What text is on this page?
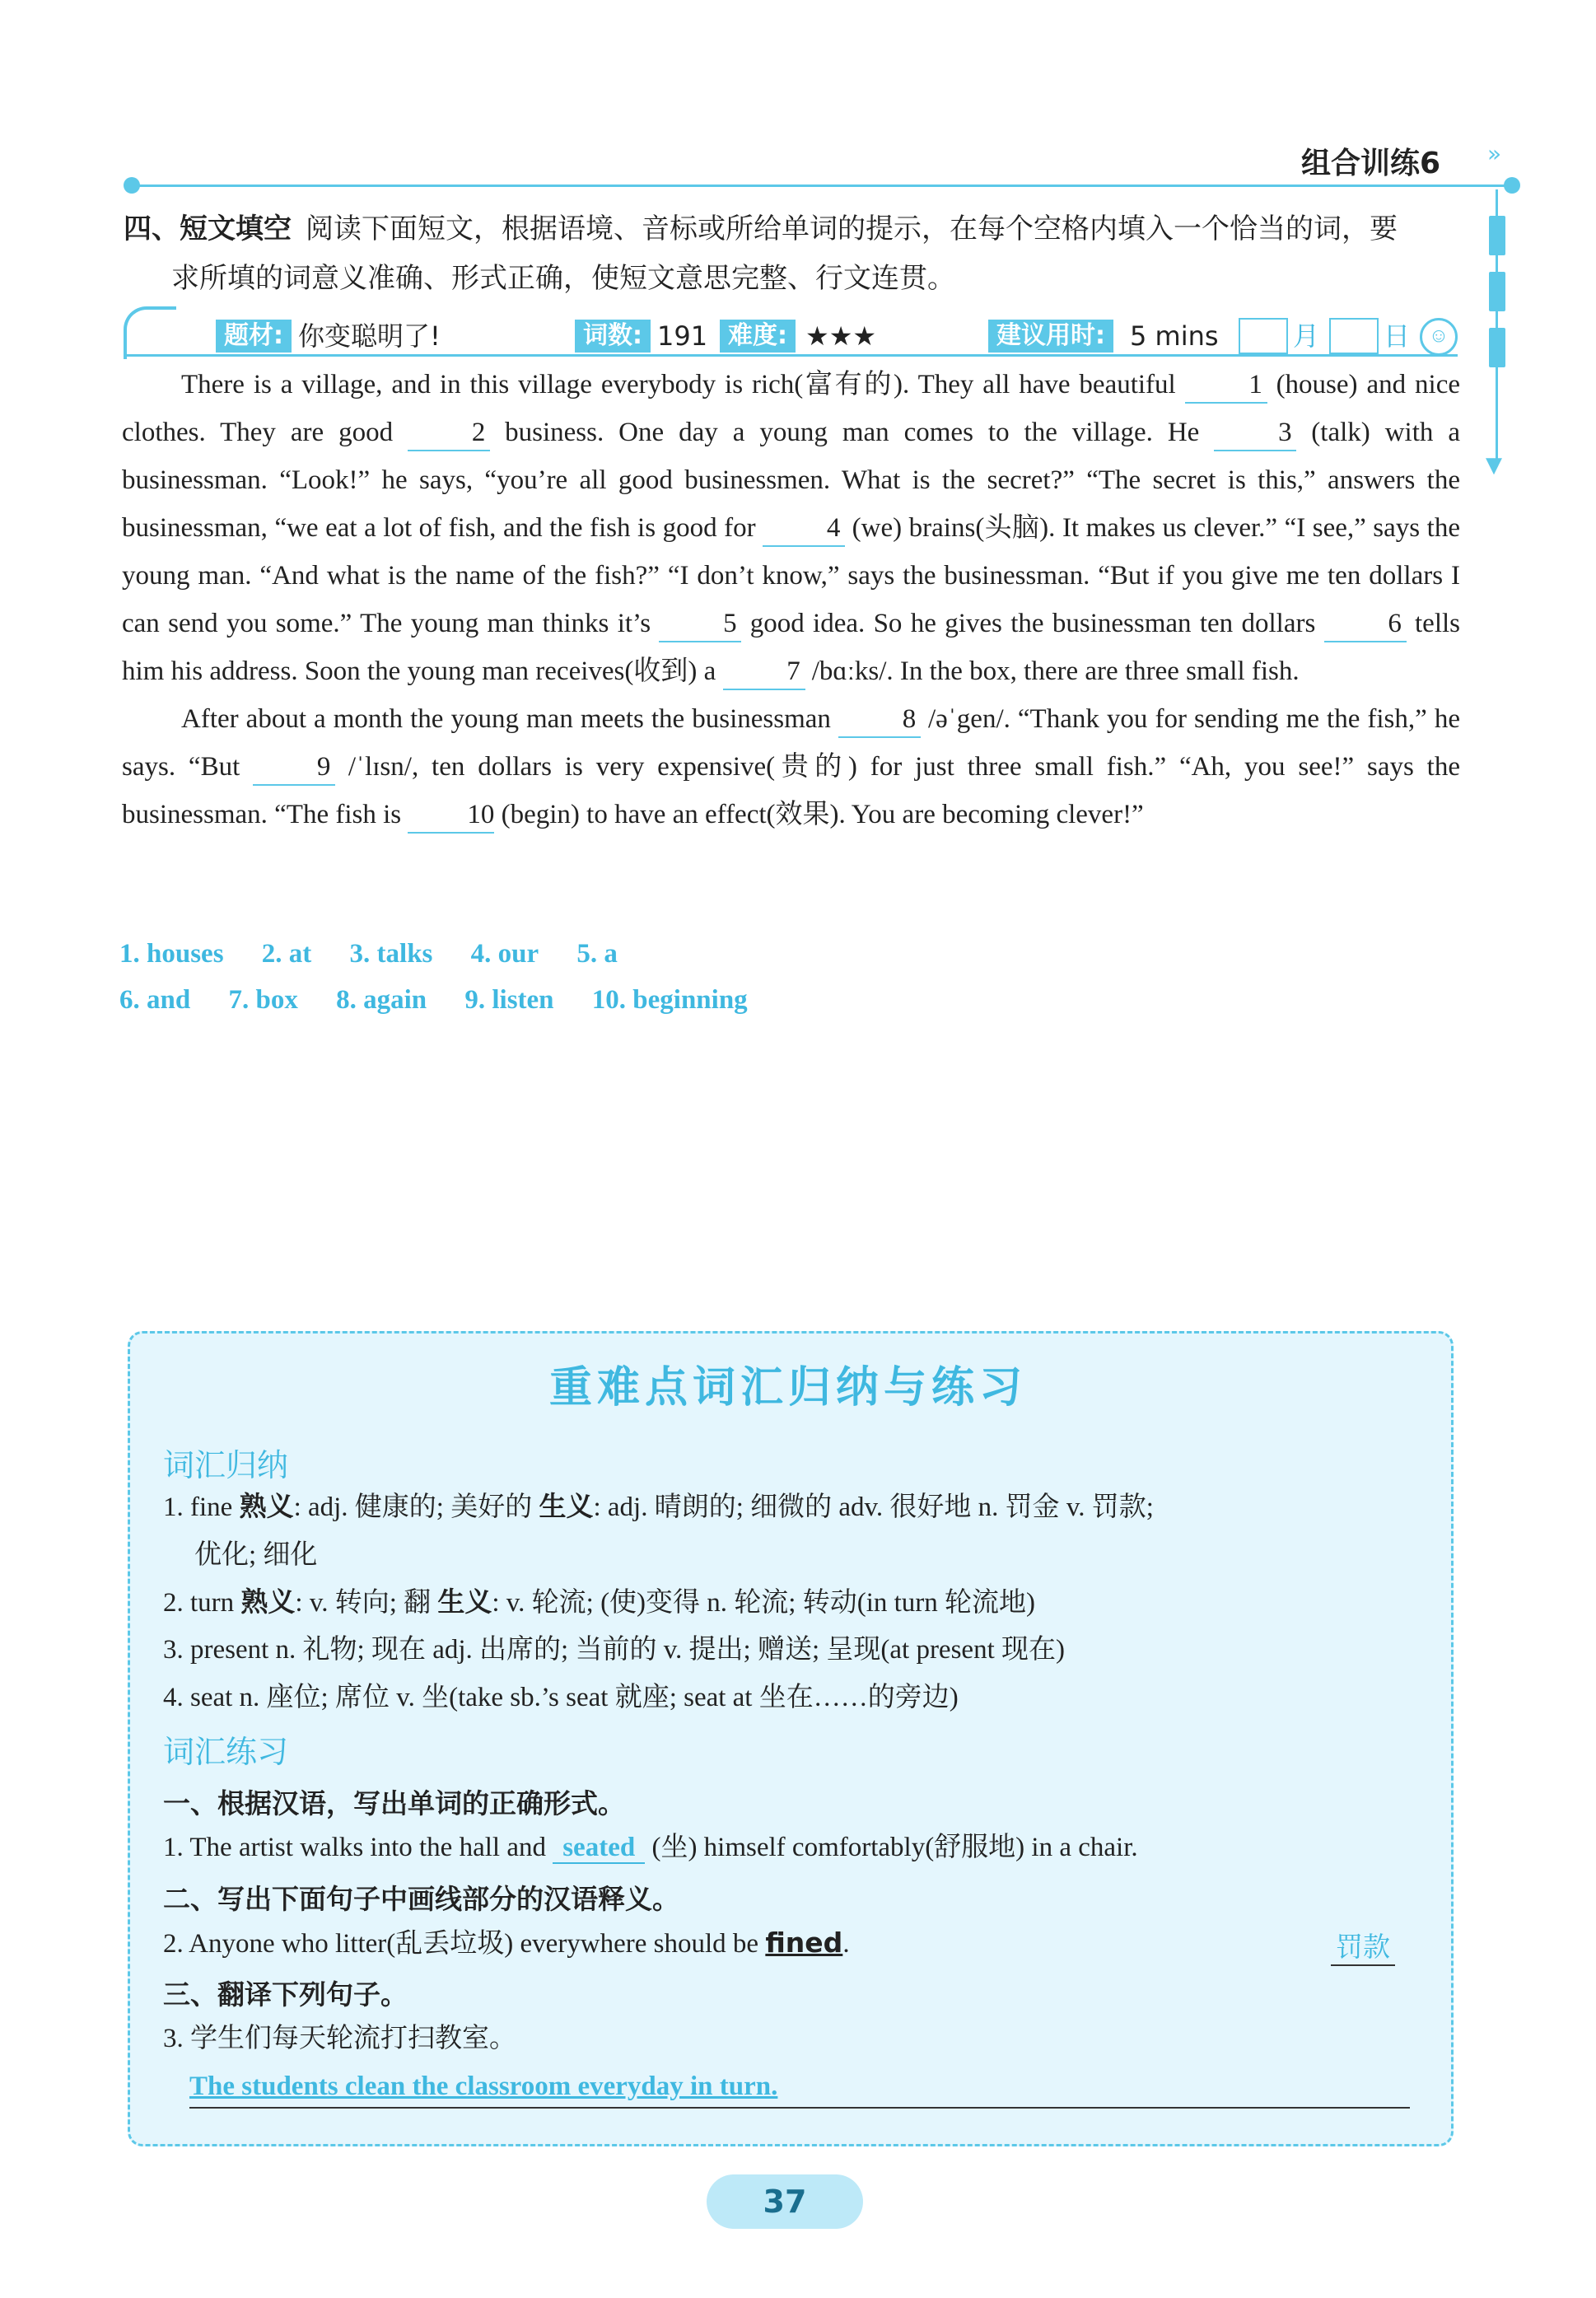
组合训练6 »
▼
四、短文填空 阅读下面短文，根据语境、音标或所给单词的提示，在每个空格内填入一个恰当的词，要
求所填的词意义准确、形式正确，使短文意思完整、行文连贯。
题材: 你变聪明了!	词数: 191 难度: ★★★	建议用时: 5 mins	月 日 ☺

There is a village, and in this village everybody is rich(富有的). They all have beautiful 1 (house) and nice clothes. They are good 2 business. One day a young man comes to the village. He 3 (talk) with a businessman. “Look!” he says, “you’re all good businessmen. What is the secret?” “The secret is this,” answers the businessman, “we eat a lot of fish, and the fish is good for 4 (we) brains(头脑). It makes us clever.” “I see,” says the young man. “And what is the name of the fish?” “I don’t know,” says the businessman. “But if you give me ten dollars I can send you some.” The young man thinks it’s 5 good idea. So he gives the businessman ten dollars 6 tells him his address. Soon the young man receives(收到) a 7 /bɑːks/. In the box, there are three small fish.

After about a month the young man meets the businessman 8 /əˈgen/. “Thank you for sending me the fish,” he says. “But 9 /ˈlɪsn/, ten dollars is very expensive(贵的) for just three small fish.” “Ah, you see!” says the businessman. “The fish is 10 (begin) to have an effect(效果). You are becoming clever!”

1. houses 2. at 3. talks 4. our 5. a
6. and 7. box 8. again 9. listen 10. beginning
重难点词汇归纳与练习
词汇归纳
1. fine 熟义: adj. 健康的; 美好的 生义: adj. 晴朗的; 细微的 adv. 很好地 n. 罚金 v. 罚款;
优化; 细化
2. turn 熟义: v. 转向; 翻 生义: v. 轮流; (使)变得 n. 轮流; 转动(in turn 轮流地)
3. present n. 礼物; 现在 adj. 出席的; 当前的 v. 提出; 赠送; 呈现(at present 现在)
4. seat n. 座位; 席位 v. 坐(take sb.’s seat 就座; seat at 坐在……的旁边)
词汇练习
一、根据汉语，写出单词的正确形式。
1. The artist walks into the hall and seated (坐) himself comfortably(舒服地) in a chair.
二、写出下面句子中画线部分的汉语释义。
2. Anyone who litter(乱丢垃圾) everywhere should be fined.	罚款
三、翻译下列句子。
3. 学生们每天轮流打扫教室。
The students clean the classroom everyday in turn.
37
